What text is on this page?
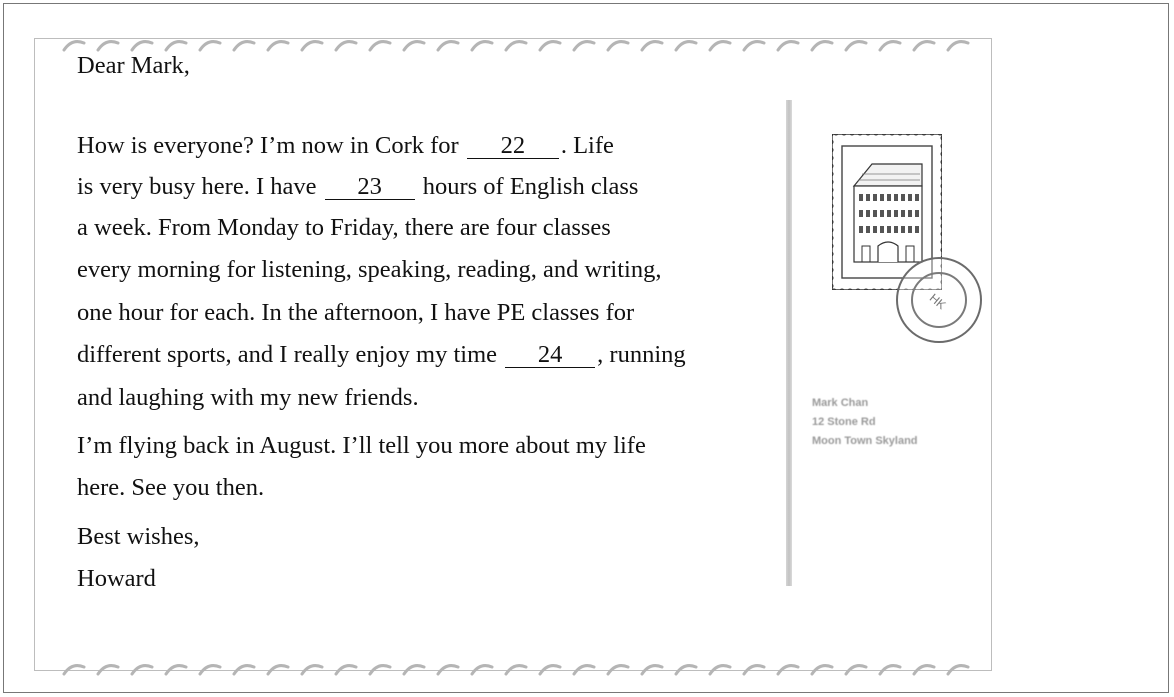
Dear Mark,
How is everyone? I’m now in Cork for 22 . Life
is very busy here. I have 23 hours of English class
a week. From Monday to Friday, there are four classes
every morning for listening, speaking, reading, and writing,
one hour for each. In the afternoon, I have PE classes for
different sports, and I really enjoy my time 24 , running
and laughing with my new friends.
I’m flying back in August. I’ll tell you more about my life
here. See you then.
Best wishes,
Howard
HK
Mark Chan
12 Stone Rd
Moon Town Skyland
